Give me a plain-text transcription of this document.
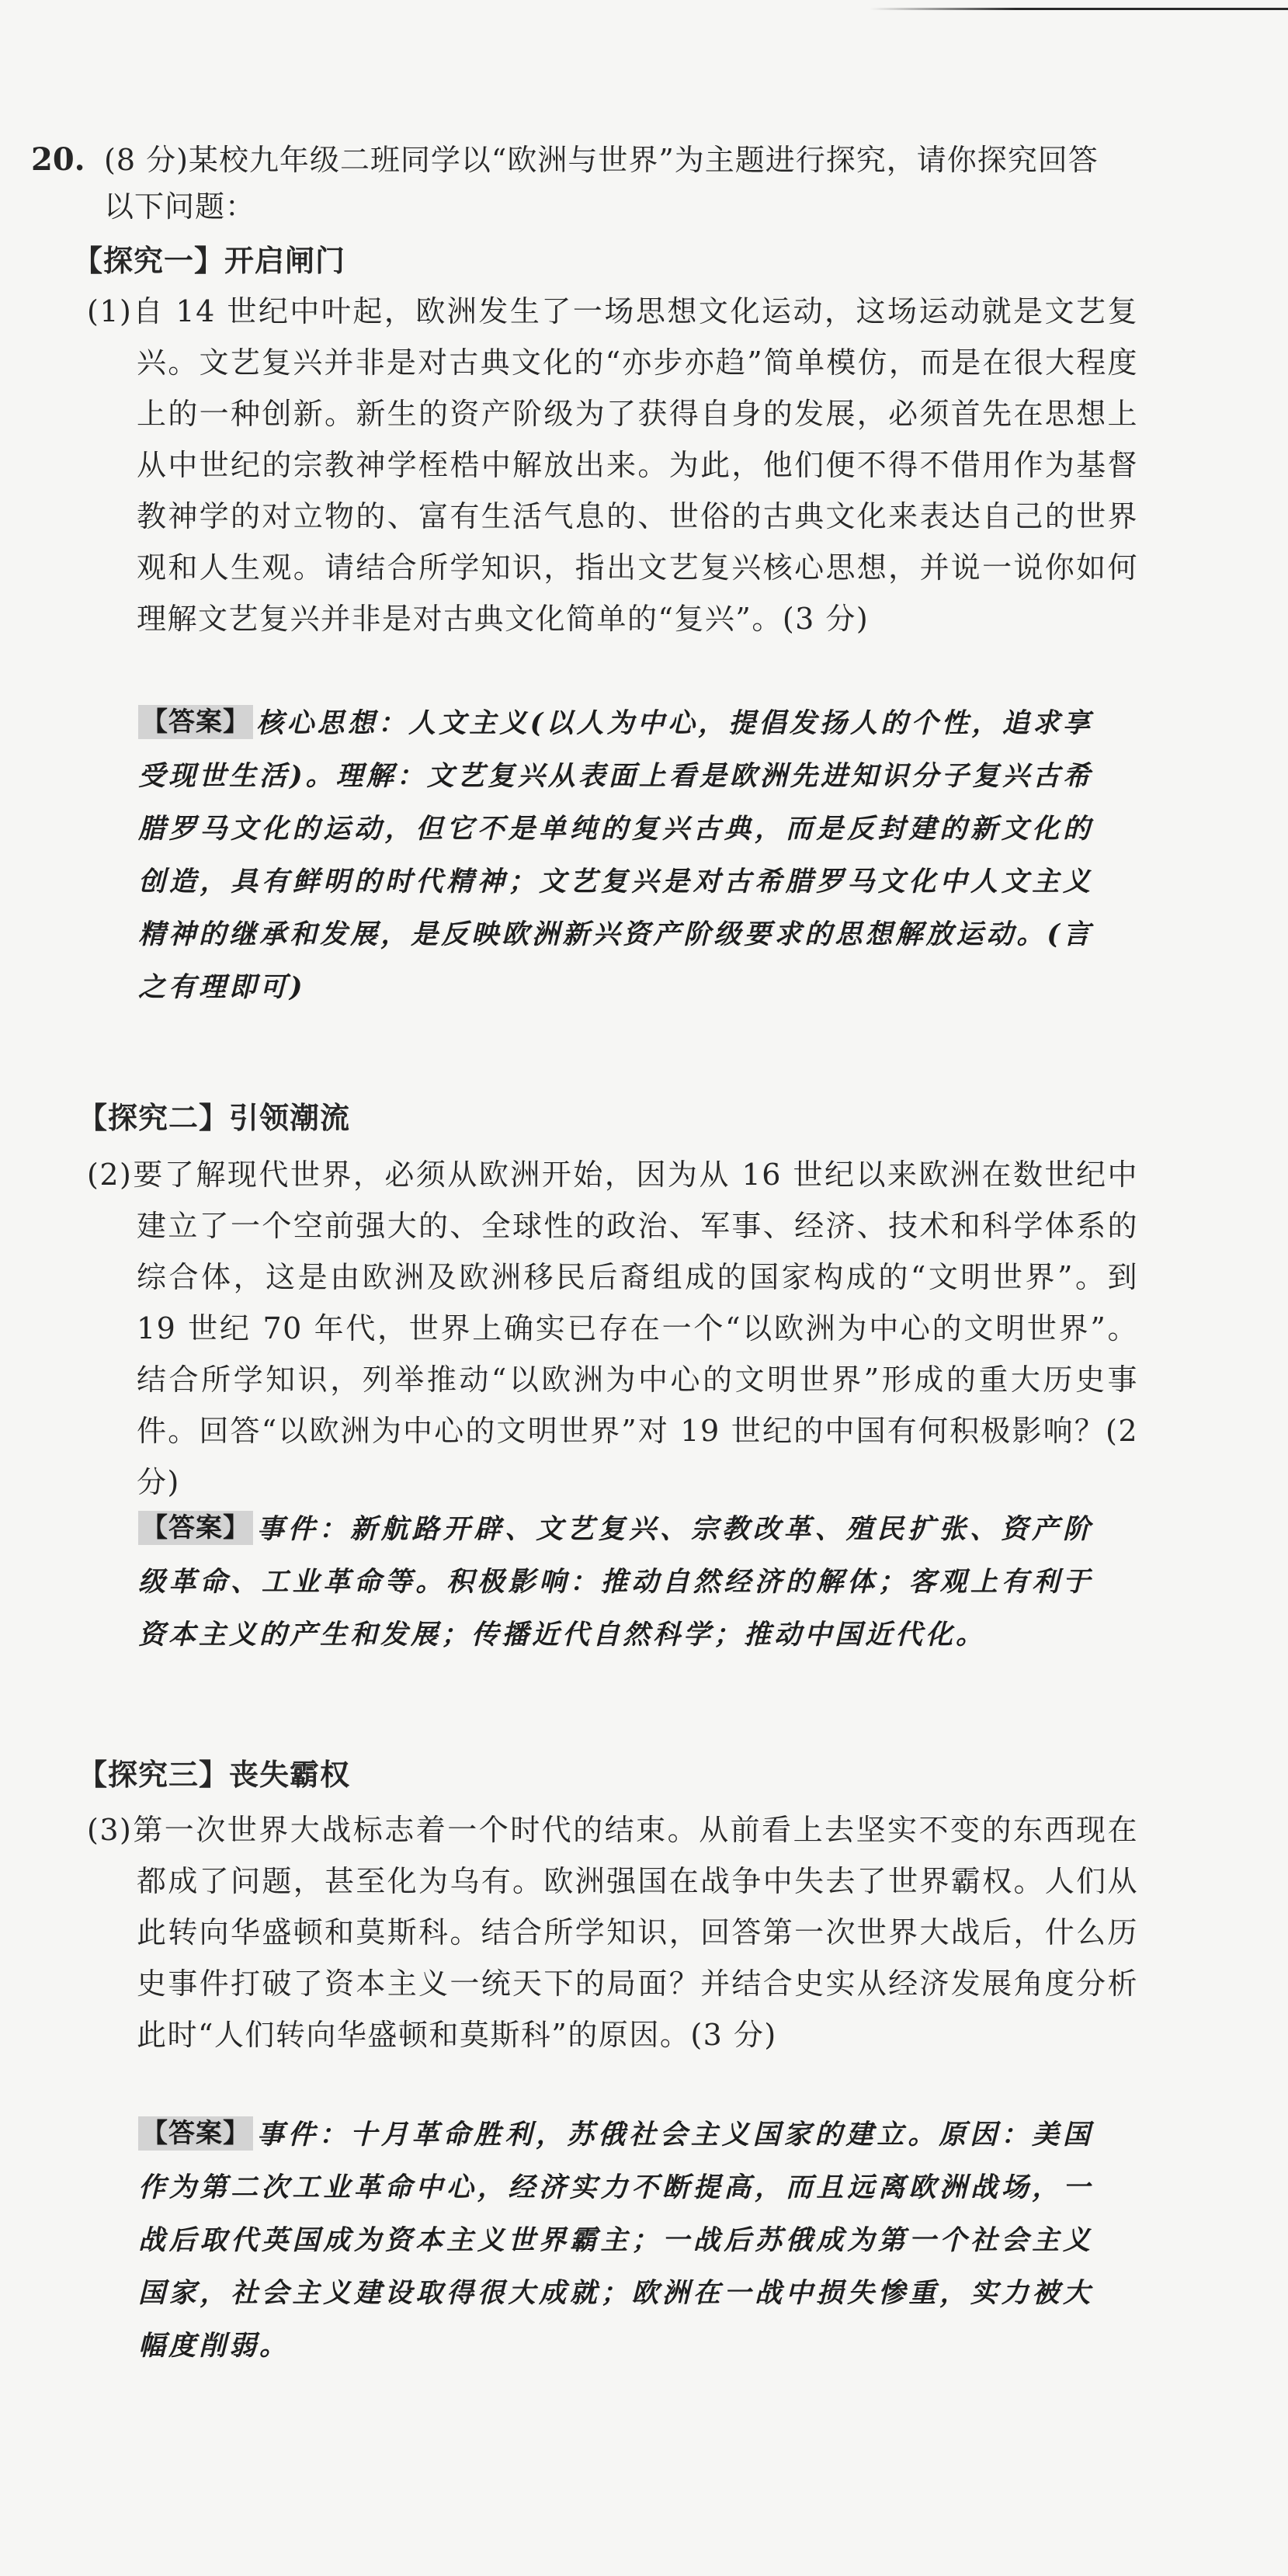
20. (8 分)某校九年级二班同学以“欧洲与世界”为主题进行探究，请你探究回答以下问题：
【探究一】开启闸门
(1)自 14 世纪中叶起，欧洲发生了一场思想文化运动，这场运动就是文艺复兴。文艺复兴并非是对古典文化的“亦步亦趋”简单模仿，而是在很大程度上的一种创新。新生的资产阶级为了获得自身的发展，必须首先在思想上从中世纪的宗教神学桎梏中解放出来。为此，他们便不得不借用作为基督教神学的对立物的、富有生活气息的、世俗的古典文化来表达自己的世界观和人生观。请结合所学知识，指出文艺复兴核心思想，并说一说你如何理解文艺复兴并非是对古典文化简单的“复兴”。(3 分)
【答案】 核心思想：人文主义(以人为中心，提倡发扬人的个性，追求享受现世生活)。理解：文艺复兴从表面上看是欧洲先进知识分子复兴古希腊罗马文化的运动，但它不是单纯的复兴古典，而是反封建的新文化的创造，具有鲜明的时代精神；文艺复兴是对古希腊罗马文化中人文主义精神的继承和发展，是反映欧洲新兴资产阶级要求的思想解放运动。(言之有理即可)
【探究二】引领潮流
(2)要了解现代世界，必须从欧洲开始，因为从 16 世纪以来欧洲在数世纪中建立了一个空前强大的、全球性的政治、军事、经济、技术和科学体系的综合体，这是由欧洲及欧洲移民后裔组成的国家构成的“文明世界”。到 19 世纪 70 年代，世界上确实已存在一个“以欧洲为中心的文明世界”。结合所学知识，列举推动“以欧洲为中心的文明世界”形成的重大历史事件。回答“以欧洲为中心的文明世界”对 19 世纪的中国有何积极影响？(2 分)
【答案】 事件：新航路开辟、文艺复兴、宗教改革、殖民扩张、资产阶级革命、工业革命等。积极影响：推动自然经济的解体；客观上有利于资本主义的产生和发展；传播近代自然科学；推动中国近代化。
【探究三】丧失霸权
(3)第一次世界大战标志着一个时代的结束。从前看上去坚实不变的东西现在都成了问题，甚至化为乌有。欧洲强国在战争中失去了世界霸权。人们从此转向华盛顿和莫斯科。结合所学知识，回答第一次世界大战后，什么历史事件打破了资本主义一统天下的局面？并结合史实从经济发展角度分析此时“人们转向华盛顿和莫斯科”的原因。(3 分)
【答案】 事件：十月革命胜利，苏俄社会主义国家的建立。原因：美国作为第二次工业革命中心，经济实力不断提高，而且远离欧洲战场，一战后取代英国成为资本主义世界霸主；一战后苏俄成为第一个社会主义国家，社会主义建设取得很大成就；欧洲在一战中损失惨重，实力被大幅度削弱。
